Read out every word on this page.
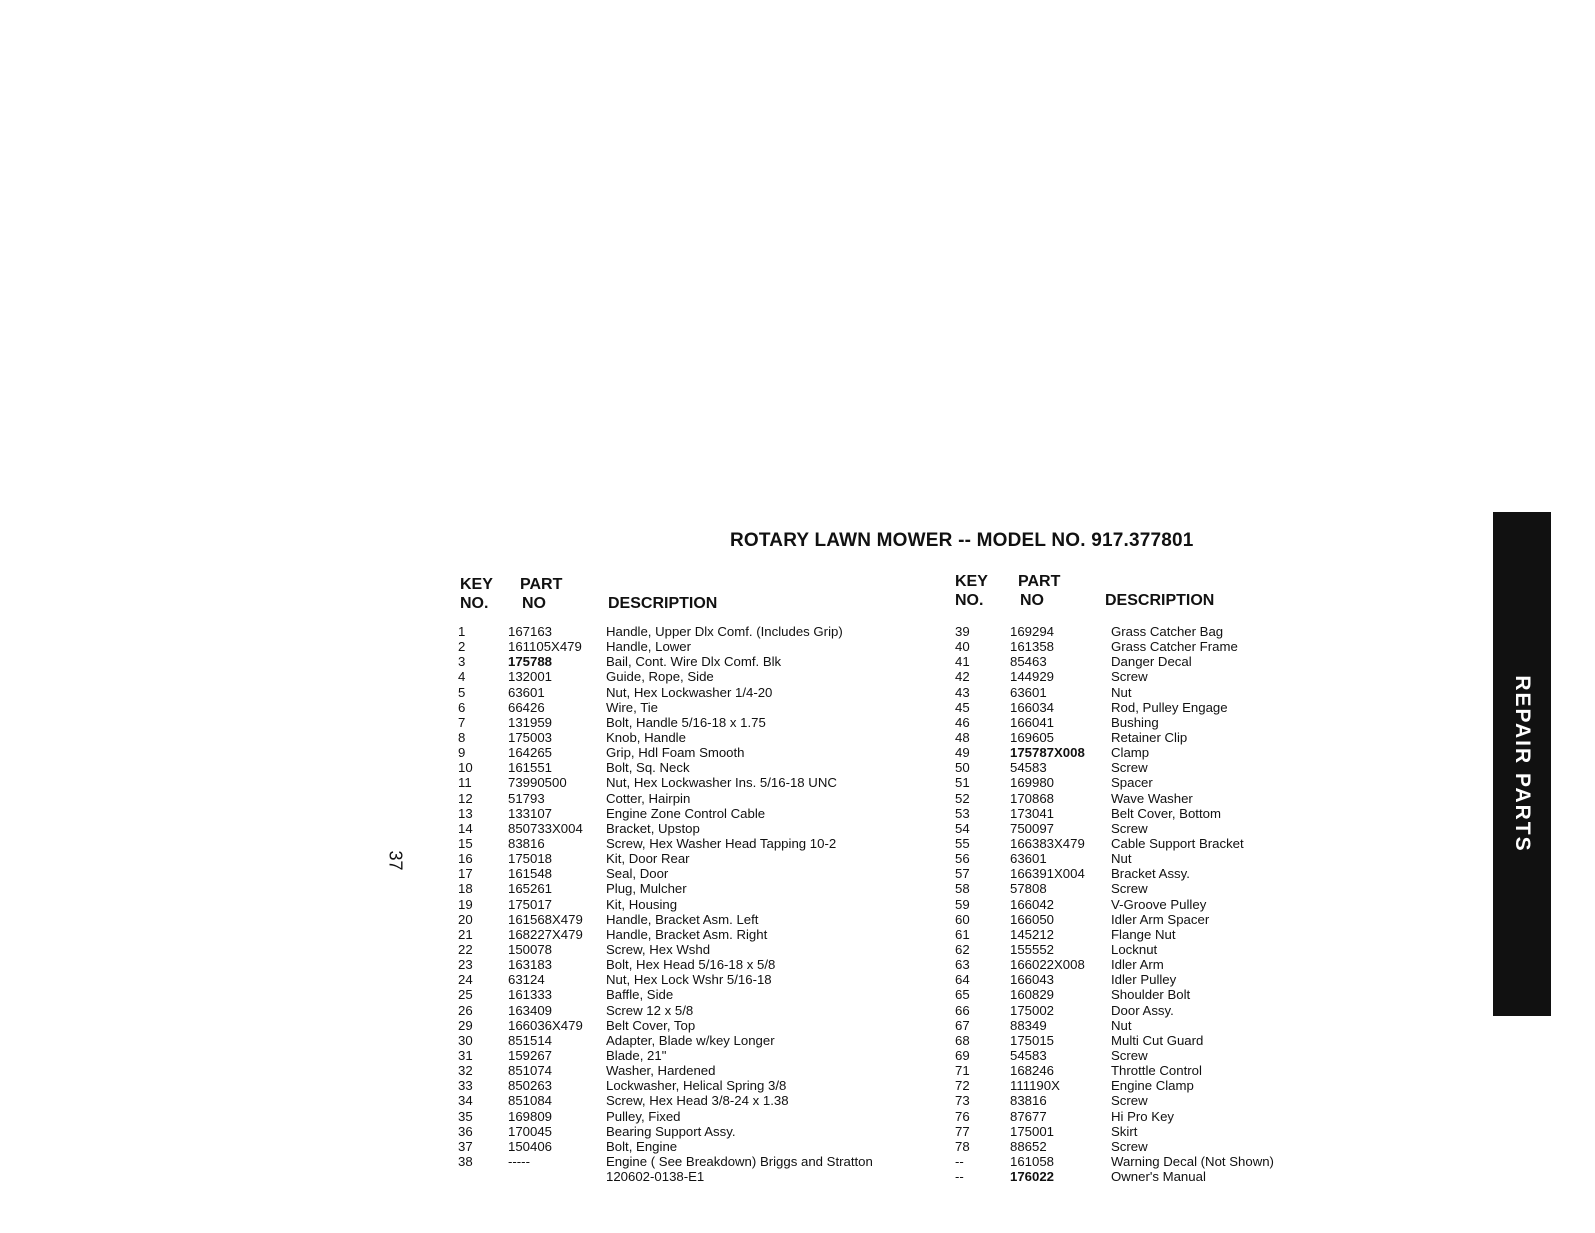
ROTARY LAWN MOWER -- MODEL NO. 917.377801
KEY
NO.
PART
NO	DESCRIPTION
KEY
NO.
PART
NO	DESCRIPTION
1	167163	Handle, Upper Dlx Comf. (Includes Grip)
2	161105X479	Handle, Lower
3	175788	Bail, Cont. Wire Dlx Comf. Blk
4	132001	Guide, Rope, Side
5	63601	Nut, Hex Lockwasher 1/4-20
6	66426	Wire, Tie
7	131959	Bolt, Handle 5/16-18 x 1.75
8	175003	Knob, Handle
9	164265	Grip, Hdl Foam Smooth
10	161551	Bolt, Sq. Neck
11	73990500	Nut, Hex Lockwasher Ins. 5/16-18 UNC
12	51793	Cotter, Hairpin
13	133107	Engine Zone Control Cable
14	850733X004	Bracket, Upstop
15	83816	Screw, Hex Washer Head Tapping 10-2
16	175018	Kit, Door Rear
17	161548	Seal, Door
18	165261	Plug, Mulcher
19	175017	Kit, Housing
20	161568X479	Handle, Bracket Asm. Left
21	168227X479	Handle, Bracket Asm. Right
22	150078	Screw, Hex Wshd
23	163183	Bolt, Hex Head 5/16-18 x 5/8
24	63124	Nut, Hex Lock Wshr 5/16-18
25	161333	Baffle, Side
26	163409	Screw 12 x 5/8
29	166036X479	Belt Cover, Top
30	851514	Adapter, Blade w/key Longer
31	159267	Blade, 21"
32	851074	Washer, Hardened
33	850263	Lockwasher, Helical Spring 3/8
34	851084	Screw, Hex Head 3/8-24 x 1.38
35	169809	Pulley, Fixed
36	170045	Bearing Support Assy.
37	150406	Bolt, Engine
38	-----	Engine ( See Breakdown) Briggs and Stratton
120602-0138-E1
39	169294	Grass Catcher Bag
40	161358	Grass Catcher Frame
41	85463	Danger Decal
42	144929	Screw
43	63601	Nut
45	166034	Rod, Pulley Engage
46	166041	Bushing
48	169605	Retainer Clip
49	175787X008	Clamp
50	54583	Screw
51	169980	Spacer
52	170868	Wave Washer
53	173041	Belt Cover, Bottom
54	750097	Screw
55	166383X479	Cable Support Bracket
56	63601	Nut
57	166391X004	Bracket Assy.
58	57808	Screw
59	166042	V-Groove Pulley
60	166050	Idler Arm Spacer
61	145212	Flange Nut
62	155552	Locknut
63	166022X008	Idler Arm
64	166043	Idler Pulley
65	160829	Shoulder Bolt
66	175002	Door Assy.
67	88349	Nut
68	175015	Multi Cut Guard
69	54583	Screw
71	168246	Throttle Control
72	111190X	Engine Clamp
73	83816	Screw
76	87677	Hi Pro Key
77	175001	Skirt
78	88652	Screw
--	161058	Warning Decal (Not Shown)
--	176022	Owner's Manual
37
REPAIR PARTS
